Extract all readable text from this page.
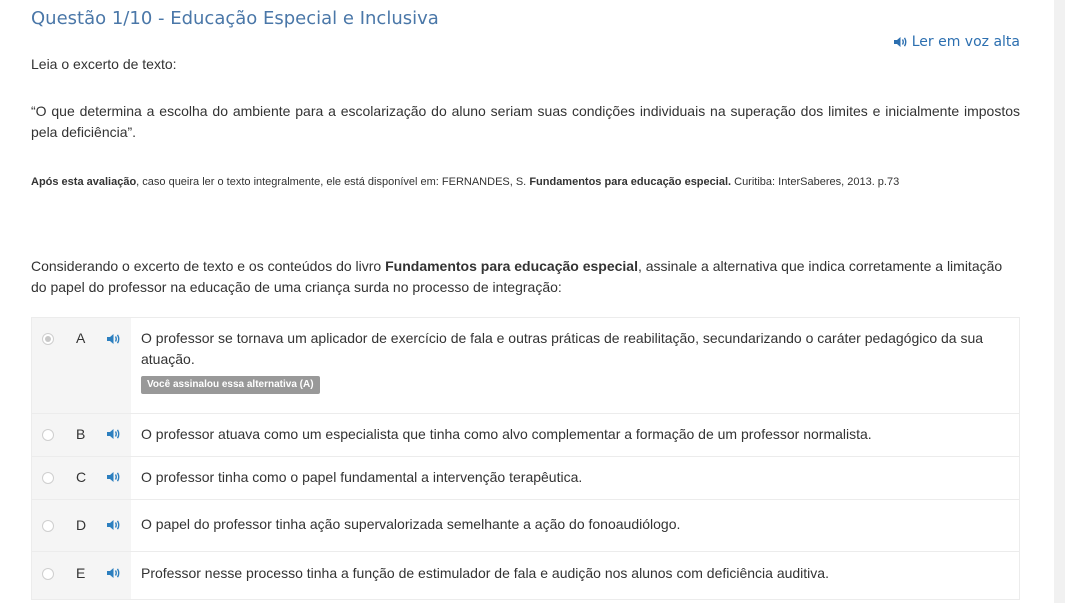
Questão 1/10 - Educação Especial e Inclusiva
Ler em voz alta

Leia o excerto de texto:

“O que determina a escolha do ambiente para a escolarização do aluno seriam suas condições individuais na superação dos limites e inicialmente impostos pela deficiência”.

Após esta avaliação, caso queira ler o texto integralmente, ele está disponível em: FERNANDES, S. Fundamentos para educação especial. Curitiba: InterSaberes, 2013. p.73

Considerando o excerto de texto e os conteúdos do livro Fundamentos para educação especial, assinale a alternativa que indica corretamente a limitação do papel do professor na educação de uma criança surda no processo de integração:

A	O professor se tornava um aplicador de exercício de fala e outras práticas de reabilitação, secundarizando o caráter pedagógico da sua atuação.
Você assinalou essa alternativa (A)
B	O professor atuava como um especialista que tinha como alvo complementar a formação de um professor normalista.
C	O professor tinha como o papel fundamental a intervenção terapêutica.
D	O papel do professor tinha ação supervalorizada semelhante a ação do fonoaudiólogo.
E	Professor nesse processo tinha a função de estimulador de fala e audição nos alunos com deficiência auditiva.
